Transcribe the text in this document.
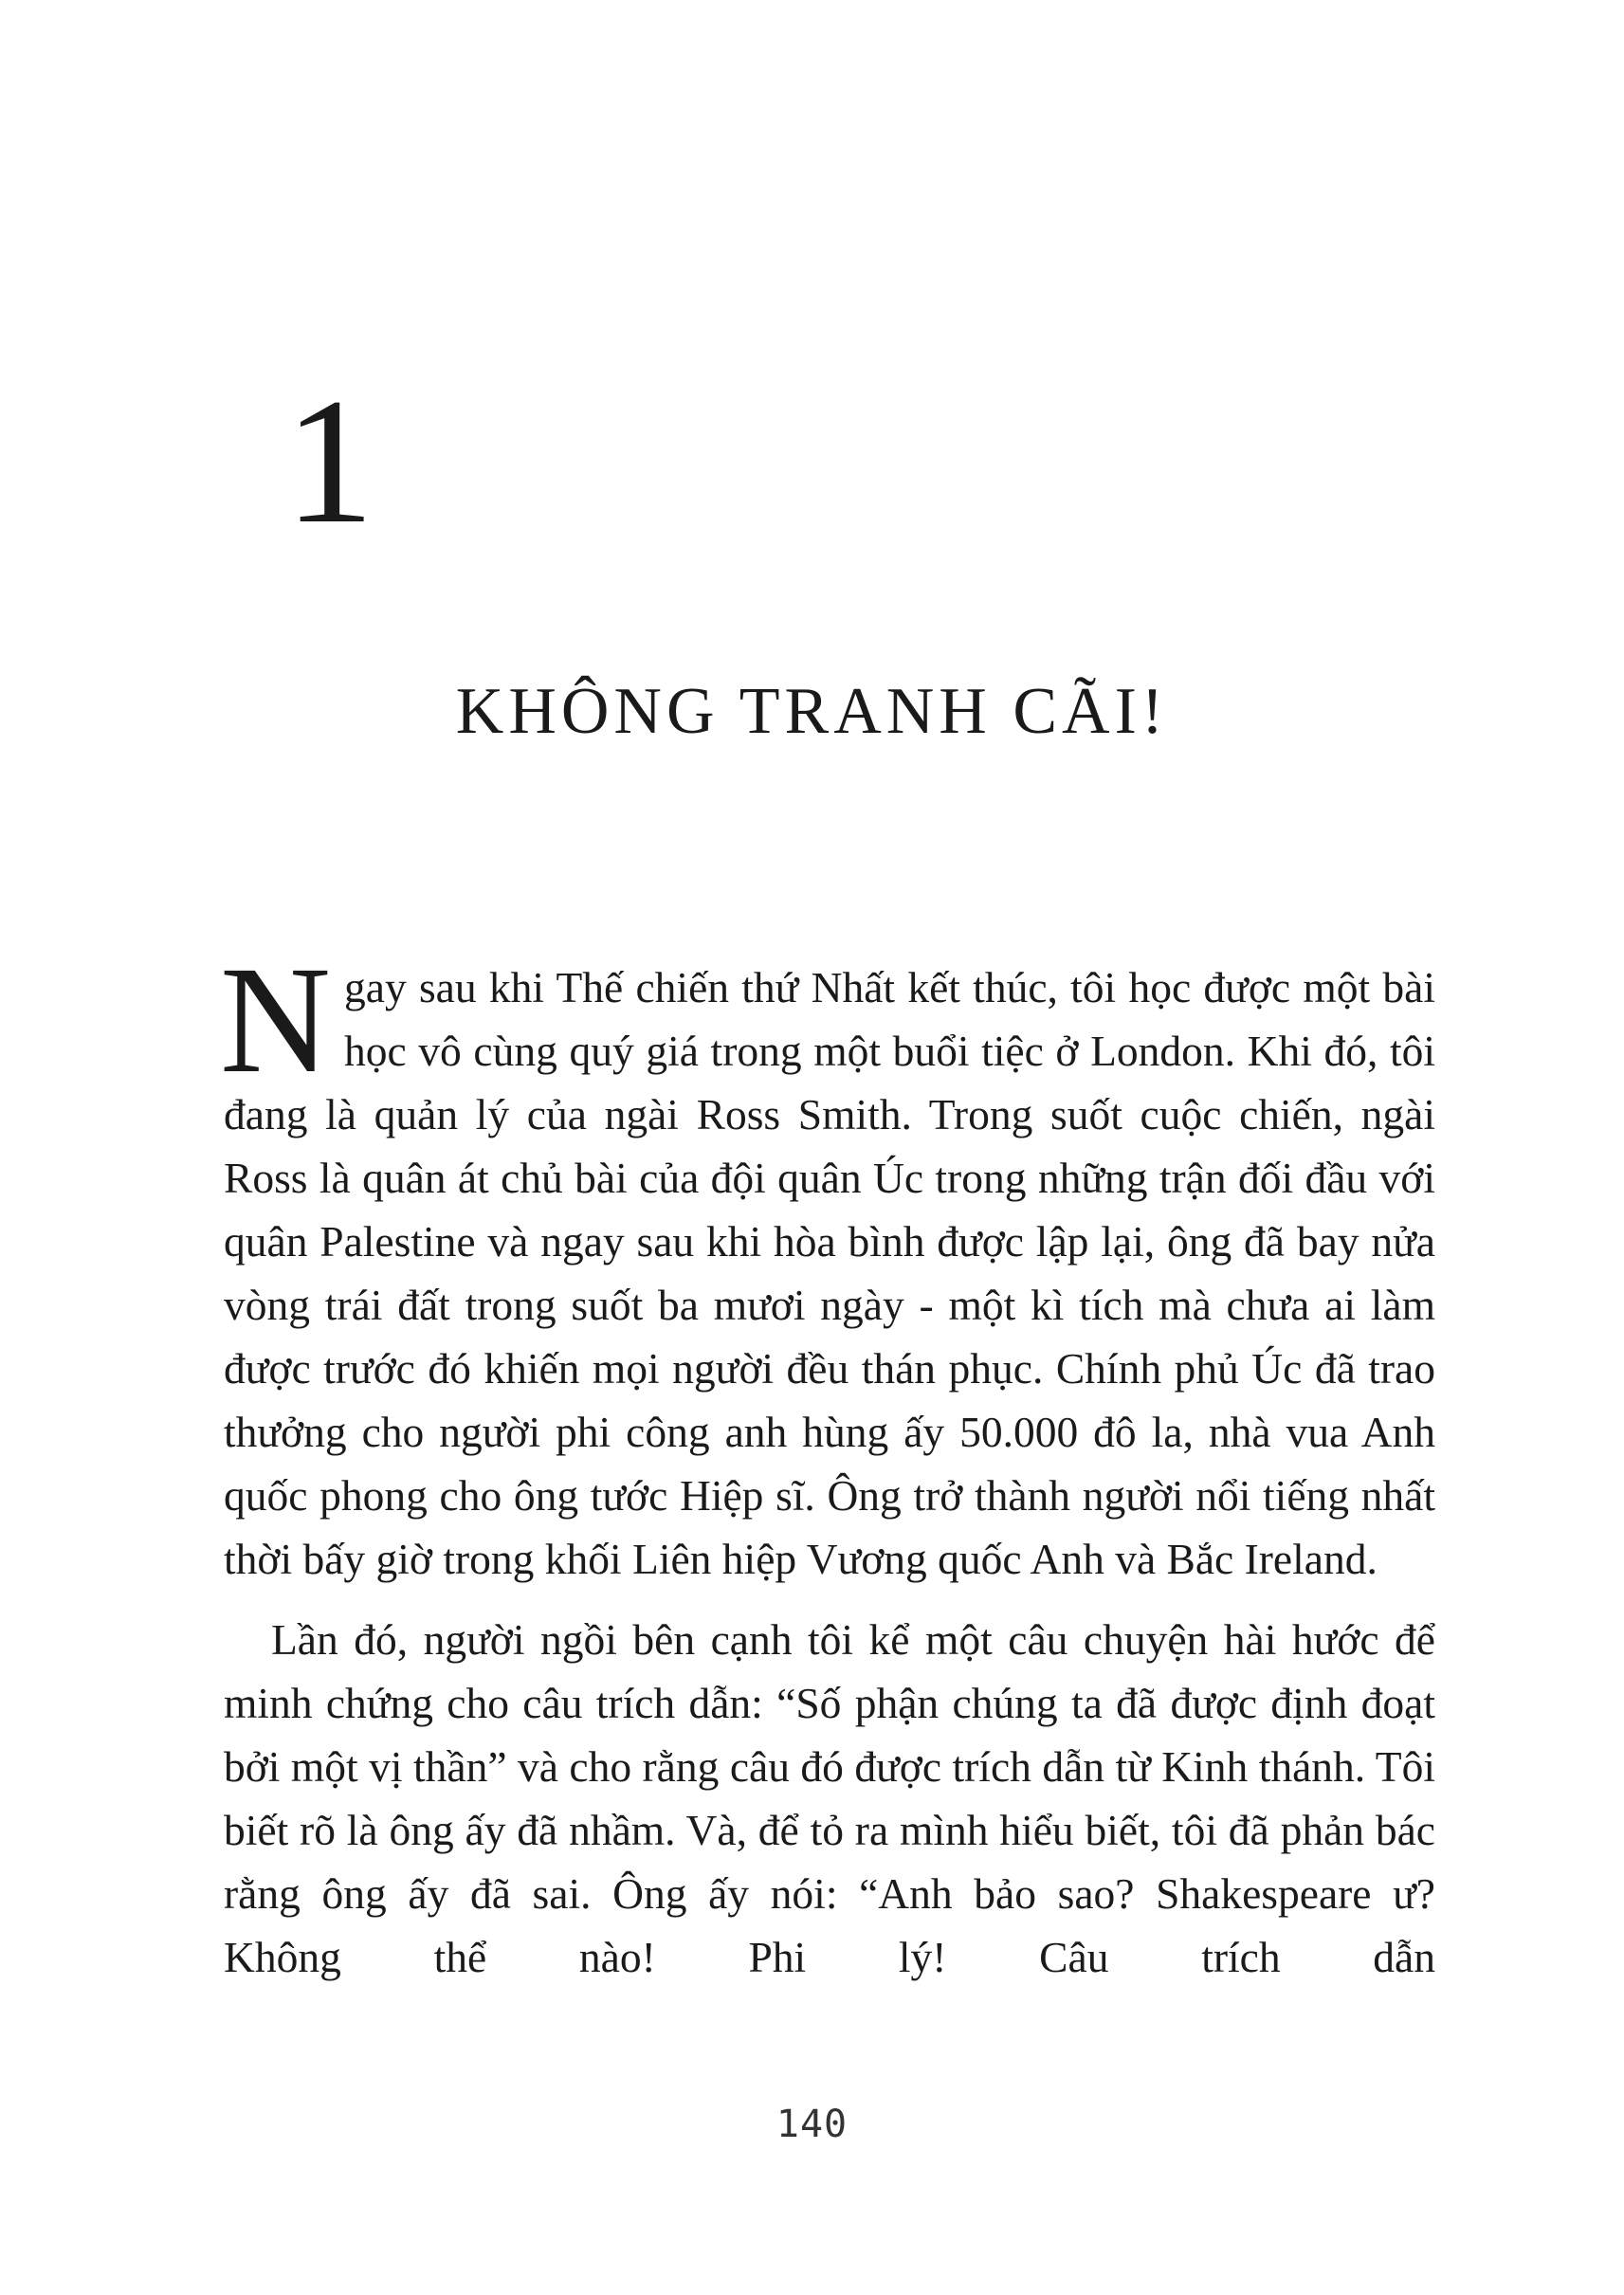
1
KHÔNG TRANH CÃI!

Ngay sau khi Thế chiến thứ Nhất kết thúc, tôi học được một bài học vô cùng quý giá trong một buổi tiệc ở London. Khi đó, tôi đang là quản lý của ngài Ross Smith. Trong suốt cuộc chiến, ngài Ross là quân át chủ bài của đội quân Úc trong những trận đối đầu với quân Palestine và ngay sau khi hòa bình được lập lại, ông đã bay nửa vòng trái đất trong suốt ba mươi ngày - một kì tích mà chưa ai làm được trước đó khiến mọi người đều thán phục. Chính phủ Úc đã trao thưởng cho người phi công anh hùng ấy 50.000 đô la, nhà vua Anh quốc phong cho ông tước Hiệp sĩ. Ông trở thành người nổi tiếng nhất thời bấy giờ trong khối Liên hiệp Vương quốc Anh và Bắc Ireland.

Lần đó, người ngồi bên cạnh tôi kể một câu chuyện hài hước để minh chứng cho câu trích dẫn: “Số phận chúng ta đã được định đoạt bởi một vị thần” và cho rằng câu đó được trích dẫn từ Kinh thánh. Tôi biết rõ là ông ấy đã nhầm. Và, để tỏ ra mình hiểu biết, tôi đã phản bác rằng ông ấy đã sai. Ông ấy nói: “Anh bảo sao? Shakespeare ư? Không thể nào! Phi lý! Câu trích dẫn

140
